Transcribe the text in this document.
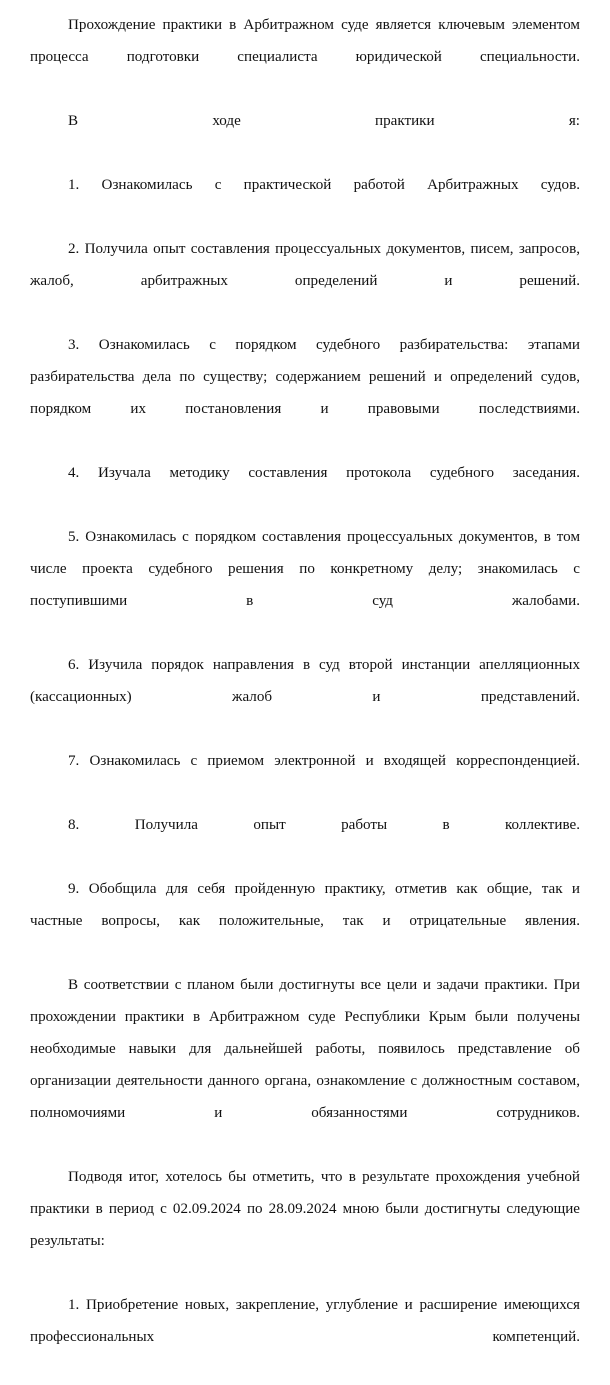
Прохождение практики в Арбитражном суде является ключевым элементом процесса подготовки специалиста юридической специальности.

В ходе практики я:

1. Ознакомилась с практической работой Арбитражных судов.

2. Получила опыт составления процессуальных документов, писем, запросов, жалоб, арбитражных определений и решений.

3. Ознакомилась с порядком судебного разбирательства: этапами разбирательства дела по существу; содержанием решений и определений судов, порядком их постановления и правовыми последствиями.

4. Изучала методику составления протокола судебного заседания.

5. Ознакомилась с порядком составления процессуальных документов, в том числе проекта судебного решения по конкретному делу; знакомилась с поступившими в суд жалобами.

6. Изучила порядок направления в суд второй инстанции апелляционных (кассационных) жалоб и представлений.

7. Ознакомилась с приемом электронной и входящей корреспонденцией.

8. Получила опыт работы в коллективе.

9. Обобщила для себя пройденную практику, отметив как общие, так и частные вопросы, как положительные, так и отрицательные явления.

В соответствии с планом были достигнуты все цели и задачи практики. При прохождении практики в Арбитражном суде Республики Крым были получены необходимые навыки для дальнейшей работы, появилось представление об организации деятельности данного органа, ознакомление с должностным составом, полномочиями и обязанностями сотрудников.

Подводя итог, хотелось бы отметить, что в результате прохождения учебной практики в период с 02.09.2024 по 28.09.2024 мною были достигнуты следующие результаты:

1. Приобретение новых, закрепление, углубление и расширение имеющихся профессиональных компетенций.
